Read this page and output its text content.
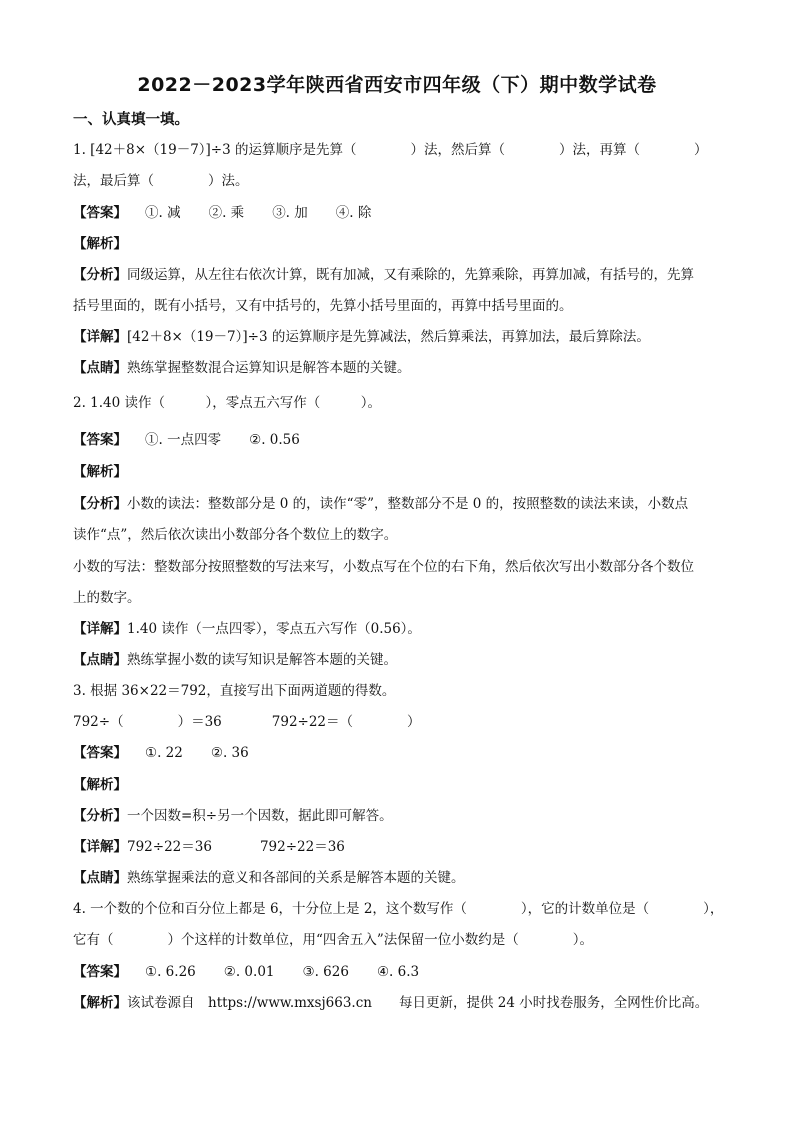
2022－2023学年陕西省西安市四年级（下）期中数学试卷
一、认真填一填。
1. [42＋8×（19－7）]÷3 的运算顺序是先算（　　　　）法，然后算（　　　　）法，再算（　　　　）
法，最后算（　　　　）法。
【答案】 ①. 减 ②. 乘 ③. 加 ④. 除
【解析】
【分析】同级运算，从左往右依次计算，既有加减，又有乘除的，先算乘除，再算加减，有括号的，先算
括号里面的，既有小括号，又有中括号的，先算小括号里面的，再算中括号里面的。
【详解】[42＋8×（19－7）]÷3 的运算顺序是先算减法，然后算乘法，再算加法，最后算除法。
【点睛】熟练掌握整数混合运算知识是解答本题的关键。
2. 1.40 读作（　　　），零点五六写作（　　　）。
【答案】 ①. 一点四零 ②. 0.56
【解析】
【分析】小数的读法：整数部分是 0 的，读作“零”，整数部分不是 0 的，按照整数的读法来读，小数点
读作“点”，然后依次读出小数部分各个数位上的数字。
小数的写法：整数部分按照整数的写法来写，小数点写在个位的右下角，然后依次写出小数部分各个数位
上的数字。
【详解】1.40 读作（一点四零），零点五六写作（0.56）。
【点睛】熟练掌握小数的读写知识是解答本题的关键。
3. 根据 36×22＝792，直接写出下面两道题的得数。
792÷（　　　　）＝36	792÷22＝（　　　　）
【答案】 ①. 22 ②. 36
【解析】
【分析】一个因数=积÷另一个因数，据此即可解答。
【详解】792÷22＝36	792÷22＝36
【点睛】熟练掌握乘法的意义和各部间的关系是解答本题的关键。
4. 一个数的个位和百分位上都是 6，十分位上是 2，这个数写作（　　　　），它的计数单位是（　　　　），
它有（　　　　）个这样的计数单位，用“四舍五入”法保留一位小数约是（　　　　）。
【答案】 ①. 6.26 ②. 0.01 ③. 626 ④. 6.3
【解析】该试卷源自　https://www.mxsj663.cn　　每日更新，提供 24 小时找卷服务，全网性价比高。
